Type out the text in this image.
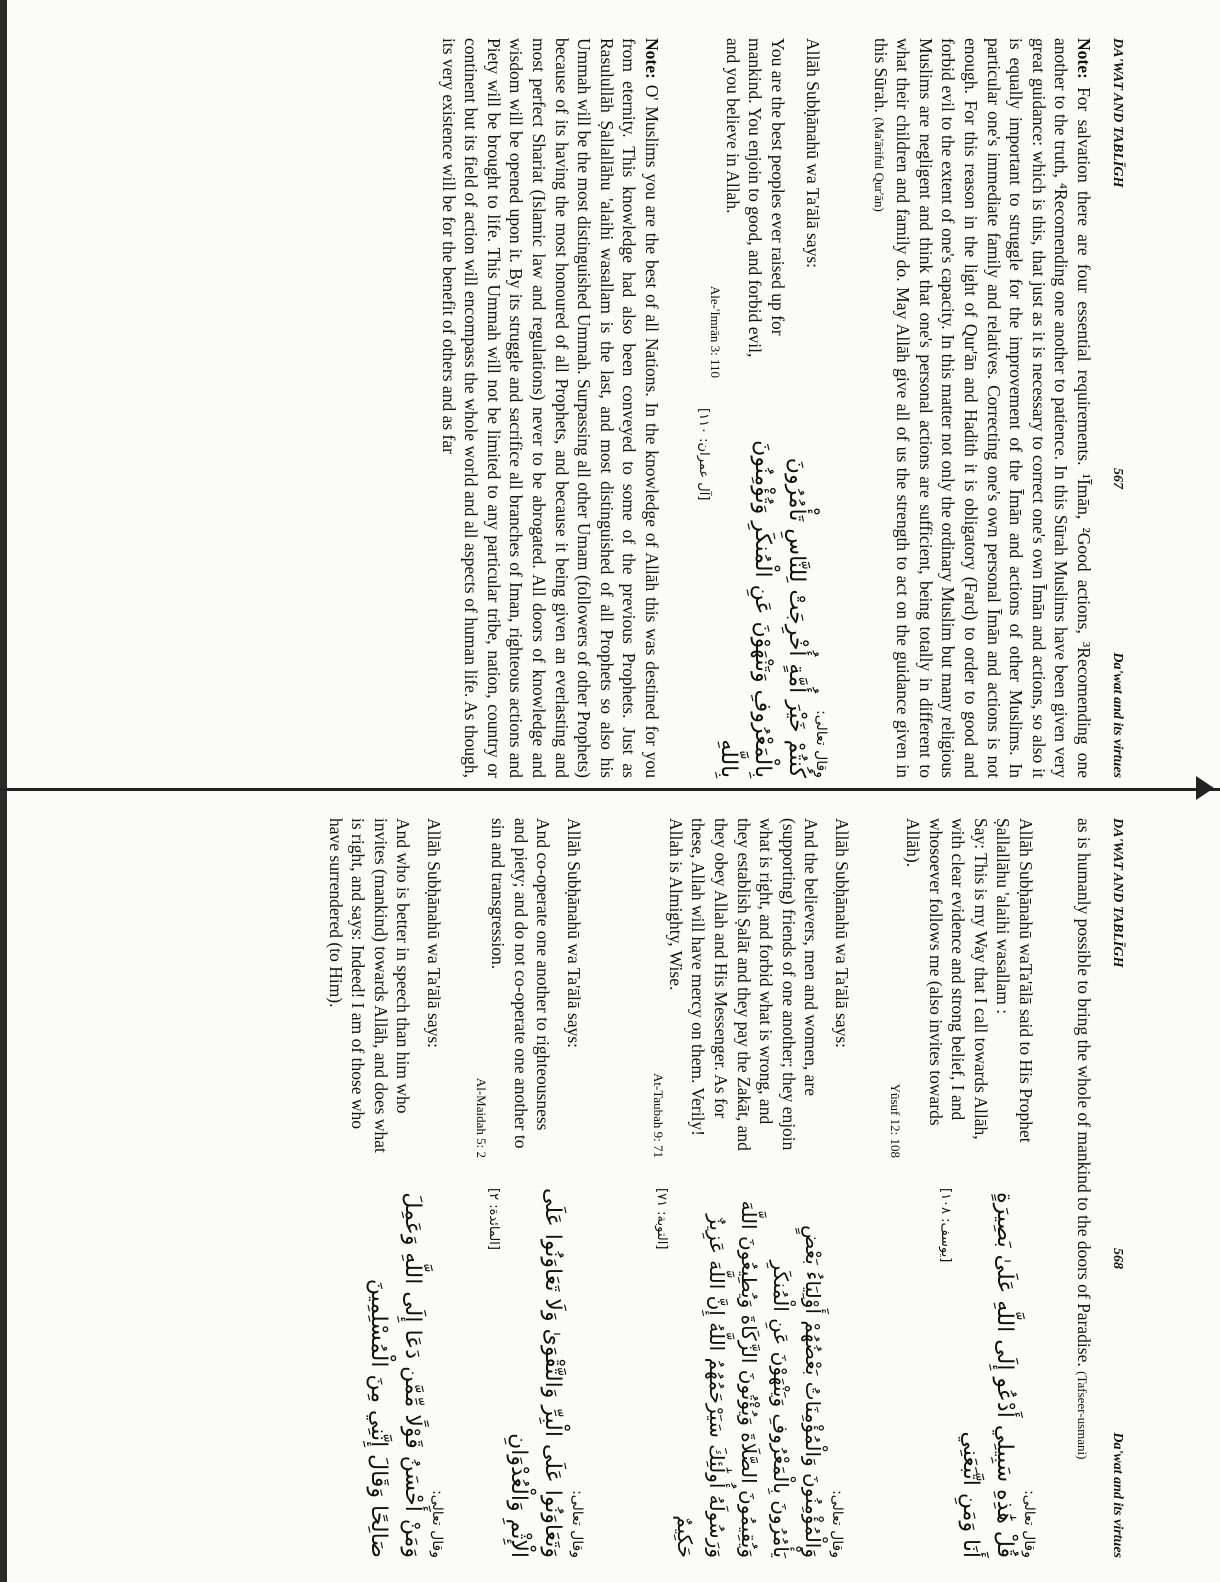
DA'WAT AND TABLĪGH
567
Da'wat and its virtues

Note: For salvation there are four essential requirements. ¹Īmān, ²Good actions, ³Recomending one another to the truth, ⁴Recomending one another to patience. In this Sūrah Muslims have been given very great guidance: which is this, that just as it is necessary to correct one's own Īmān and actions, so also it is equally important to struggle for the improvement of the Īmān and actions of other Muslims. In particular one's immediate family and relatives. Correcting one's own personal Īmān and actions is not enough. For this reason in the light of Qur'ān and Hadith it is obligatory (Fard) to order to good and forbid evil to the extent of one's capacity. In this matter not only the ordinary Muslim but many religious Muslims are negligent and think that one's personal actions are sufficient, being totally in different to what their children and family do. May Allāh give all of us the strength to act on the guidance given in this Sūrah. (Ma'āriful Qur'ān)

Allāh Subḥānahū wa Ta'ālā says:

You are the best peoples ever raised up for mankind. You enjoin to good, and forbid evil, and you believe in Allah.

Ale-'Imrān 3: 110
وقال تعالى:
كُنتُمْ خَيْرَ أُمَّةٍ أُخْرِجَتْ لِلنَّاسِ تَأْمُرُونَ بِالْمَعْرُوفِ وَتَنْهَوْنَ عَنِ الْمُنكَرِ وَتُؤْمِنُونَ بِاللَّهِ
[آل عمران: ١١٠]

Note: O' Muslims you are the best of all Nations. In the knowledge of Allāh this was destined for you from eternity. This knowledge had also been conveyed to some of the previous Prophets. Just as Rasulullāh Ṣallallāhu 'alaihi wasallam is the last, and most distinguished of all Prophets so also his Ummah will be the most distinguished Ummah. Surpassing all other Umam (followers of other Prophets) because of its having the most honoured of all Prophets, and because it being given an everlasting and most perfect Shariat (Islamic law and regulations) never to be abrogated. All doors of knowledge and wisdom will be opened upon it. By its struggle and sacrifice all branches of Iman, righteous actions and Piety will be brought to life. This Ummah will not be limited to any particular tribe, nation, country or continent but its field of action will encompass the whole world and all aspects of human life. As though, its very existence will be for the benefit of others and as far

DA'WAT AND TABLĪGH
568
Da'wat and its virtues

as is humanly possible to bring the whole of mankind to the doors of Paradise. (Tafseer-usmani)

Allāh Subḥānahū waTa'ālā said to His Prophet Ṣallallāhu 'alaihi wasallam :

Say: This is my Way that I call towards Allāh, with clear evidence and strong belief, I and whosoever follows me (also invites towards Allāh).

Yūsuf 12: 108
وقال تعالى:
قُلْ هَٰذِهِ سَبِيلِي أَدْعُو إِلَى اللَّهِ عَلَىٰ بَصِيرَةٍ أَنَا وَمَنِ اتَّبَعَنِي
[يوسف: ١٠٨]

Allāh Subḥānahū wa Ta'ālā says:

And the believers, men and women, are (supporting) friends of one another; they enjoin what is right, and forbid what is wrong, and they establish Ṣalāt and they pay the Zakāt, and they obey Allah and His Messenger. As for these, Allah will have mercy on them. Verily! Allah is Almighty, Wise.

At-Taubah 9: 71
وقال تعالى:
وَالْمُؤْمِنُونَ وَالْمُؤْمِنَاتُ بَعْضُهُمْ أَوْلِيَاءُ بَعْضٍ يَأْمُرُونَ بِالْمَعْرُوفِ وَيَنْهَوْنَ عَنِ الْمُنكَرِ وَيُقِيمُونَ الصَّلَاةَ وَيُؤْتُونَ الزَّكَاةَ وَيُطِيعُونَ اللَّهَ وَرَسُولَهُ أُولَٰئِكَ سَيَرْحَمُهُمُ اللَّهُ إِنَّ اللَّهَ عَزِيزٌ حَكِيمٌ
[التوبة: ٧١]

Allāh Subḥānahū wa Ta'ālā says:

And co-operate one another to righteousness and piety; and do not co-operate one another to sin and transgression.

Al-Maidah 5: 2
وقال تعالى:
وَتَعَاوَنُوا عَلَى الْبِرِّ وَالتَّقْوَىٰ وَلَا تَعَاوَنُوا عَلَى الْإِثْمِ وَالْعُدْوَانِ
[المائدة: ٢]

Allāh Subḥānahū wa Ta'ālā says:

And who is better in speech than him who invites (mankind) towards Allāh, and does what is right, and says: Indeed! I am of those who have surrendered (to Him).

وقال تعالى:
وَمَنْ أَحْسَنُ قَوْلًا مِّمَّن دَعَا إِلَى اللَّهِ وَعَمِلَ صَالِحًا وَقَالَ إِنَّنِي مِنَ الْمُسْلِمِينَ
